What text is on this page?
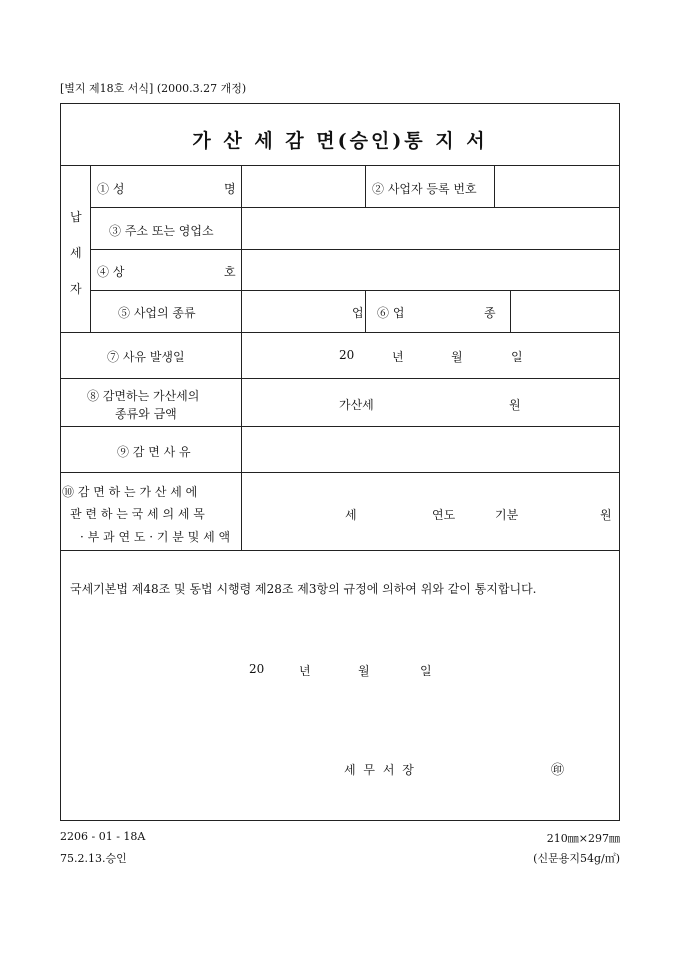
[별지 제18호 서식] (2000.3.27 개정)
가 산 세 감 면(승인)통 지 서
납
세
자
① 성	명	② 사업자 등록 번호
③ 주소 또는 영업소
④ 상	호
⑤ 사업의 종류	업 ⑥ 업	종
⑦ 사유 발생일	20	년	월	일
⑧ 감면하는 가산세의
종류와 금액
가산세	원
⑨ 감 면 사 유
⑩ 감 면 하 는 가 산 세 에
관 련 하 는 국 세 의 세 목
· 부 과 연 도 · 기 분 및 세 액
세	연도	기분	원
국세기본법 제48조 및 동법 시행령 제28조 제3항의 규정에 의하여 위와 같이 통지합니다.
20	년	월	일
세 무 서 장	㊞
2206 - 01 - 18A
75.2.13.승인
210㎜×297㎜
(신문용지54g/㎡)
